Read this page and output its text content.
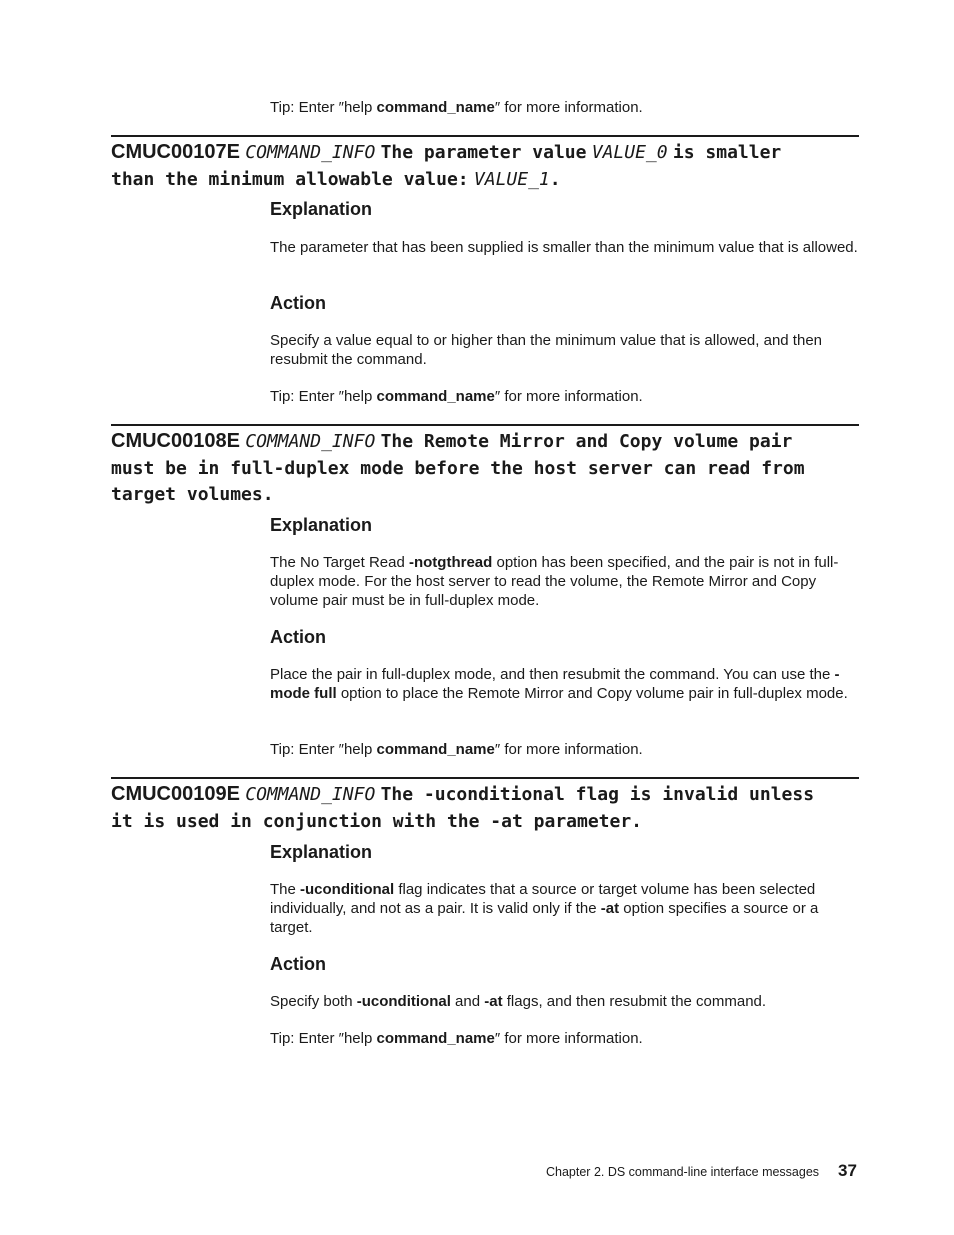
Tip: Enter ″help command_name″ for more information.

CMUC00107E COMMAND_INFO The parameter value VALUE_0 is smaller
than the minimum allowable value: VALUE_1.

Explanation

The parameter that has been supplied is smaller than the minimum value that is allowed.

Action

Specify a value equal to or higher than the minimum value that is allowed, and then resubmit the command.

Tip: Enter ″help command_name″ for more information.

CMUC00108E COMMAND_INFO The Remote Mirror and Copy volume pair
must be in full-duplex mode before the host server can read from
target volumes.

Explanation

The No Target Read -notgthread option has been specified, and the pair is not in full-duplex mode. For the host server to read the volume, the Remote Mirror and Copy volume pair must be in full-duplex mode.

Action

Place the pair in full-duplex mode, and then resubmit the command. You can use the -mode full option to place the Remote Mirror and Copy volume pair in full-duplex mode.

Tip: Enter ″help command_name″ for more information.

CMUC00109E COMMAND_INFO The -uconditional flag is invalid unless
it is used in conjunction with the -at parameter.

Explanation

The -uconditional flag indicates that a source or target volume has been selected individually, and not as a pair. It is valid only if the -at option specifies a source or a target.

Action

Specify both -uconditional and -at flags, and then resubmit the command.

Tip: Enter ″help command_name″ for more information.

Chapter 2. DS command-line interface messages 37
